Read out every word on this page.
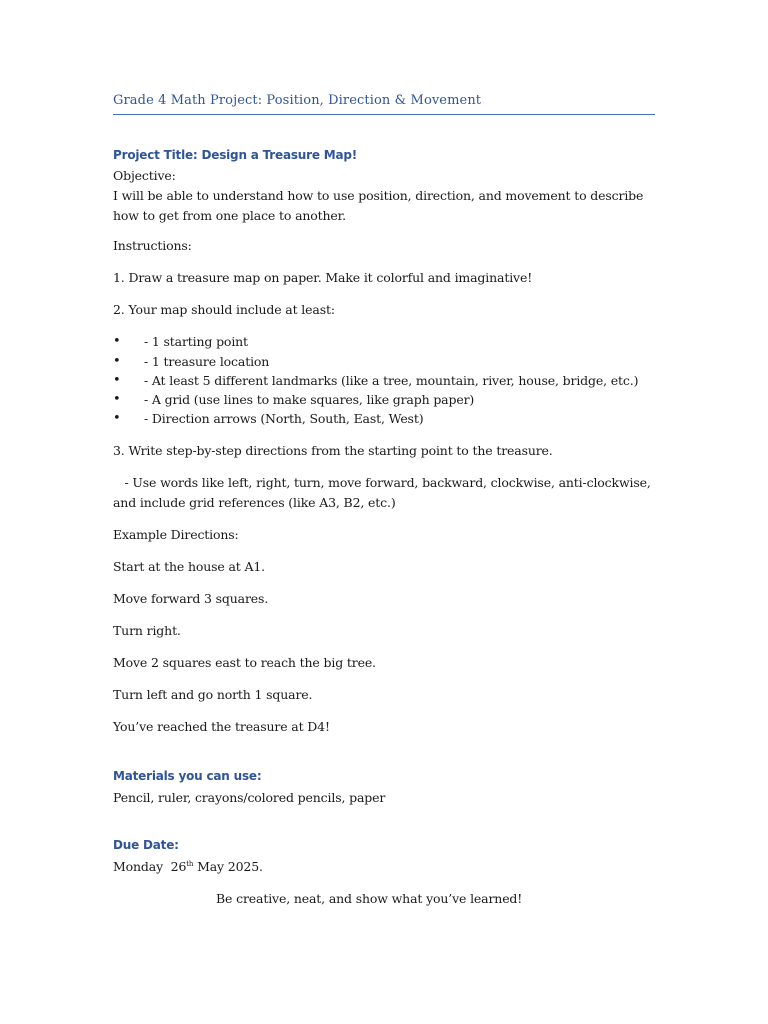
Grade 4 Math Project: Position, Direction & Movement
Project Title: Design a Treasure Map!
Objective:
I will be able to understand how to use position, direction, and movement to describe how to get from one place to another.
Instructions:
1. Draw a treasure map on paper. Make it colorful and imaginative!
2. Your map should include at least:
• - 1 starting point
• - 1 treasure location
• - At least 5 different landmarks (like a tree, mountain, river, house, bridge, etc.)
• - A grid (use lines to make squares, like graph paper)
• - Direction arrows (North, South, East, West)
3. Write step-by-step directions from the starting point to the treasure.
- Use words like left, right, turn, move forward, backward, clockwise, anti-clockwise, and include grid references (like A3, B2, etc.)
Example Directions:
Start at the house at A1.
Move forward 3 squares.
Turn right.
Move 2 squares east to reach the big tree.
Turn left and go north 1 square.
You’ve reached the treasure at D4!
Materials you can use:
Pencil, ruler, crayons/colored pencils, paper
Due Date:
Monday  26th May 2025.
Be creative, neat, and show what you’ve learned!
